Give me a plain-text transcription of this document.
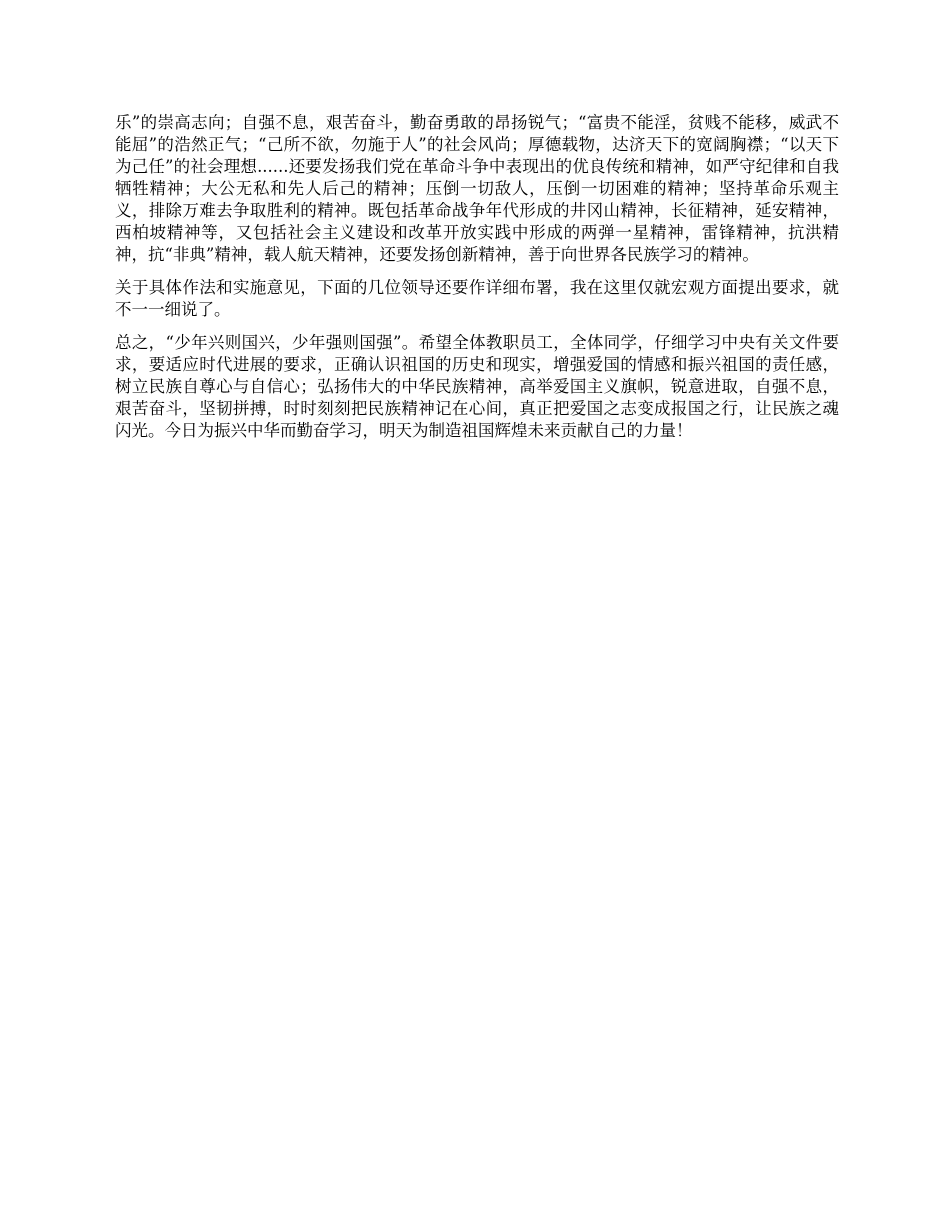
乐”的崇高志向；自强不息，艰苦奋斗，勤奋勇敢的昂扬锐气；“富贵不能淫，贫贱不能移，威武不能屈”的浩然正气；“己所不欲，勿施于人”的社会风尚；厚德载物，达济天下的宽阔胸襟；“以天下为己任”的社会理想......还要发扬我们党在革命斗争中表现出的优良传统和精神，如严守纪律和自我牺牲精神；大公无私和先人后己的精神；压倒一切敌人，压倒一切困难的精神；坚持革命乐观主义，排除万难去争取胜利的精神。既包括革命战争年代形成的井冈山精神，长征精神，延安精神，西柏坡精神等，又包括社会主义建设和改革开放实践中形成的两弹一星精神，雷锋精神，抗洪精神，抗“非典”精神，载人航天精神，还要发扬创新精神，善于向世界各民族学习的精神。

关于具体作法和实施意见，下面的几位领导还要作详细布署，我在这里仅就宏观方面提出要求，就不一一细说了。

总之，“少年兴则国兴，少年强则国强”。希望全体教职员工，全体同学，仔细学习中央有关文件要求，要适应时代进展的要求，正确认识祖国的历史和现实，增强爱国的情感和振兴祖国的责任感，树立民族自尊心与自信心；弘扬伟大的中华民族精神，高举爱国主义旗帜，锐意进取，自强不息，艰苦奋斗，坚韧拼搏，时时刻刻把民族精神记在心间，真正把爱国之志变成报国之行，让民族之魂闪光。今日为振兴中华而勤奋学习，明天为制造祖国辉煌未来贡献自己的力量！
